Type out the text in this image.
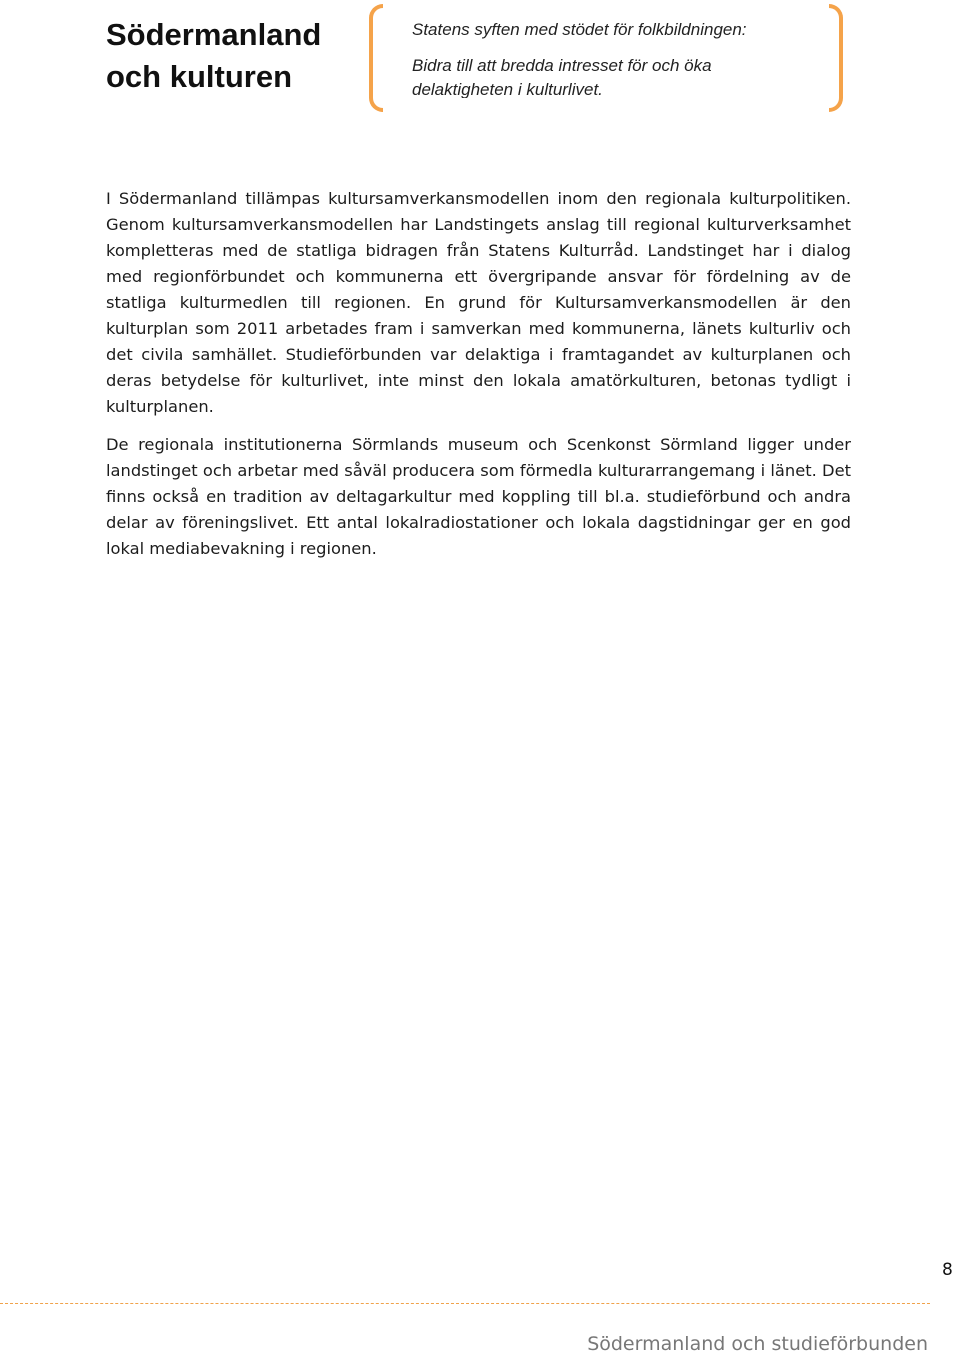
Södermanland
och kulturen
Statens syften med stödet för folkbildningen:
Bidra till att bredda intresset för och öka delaktigheten i kulturlivet.

I Södermanland tillämpas kultursamverkansmodellen inom den regionala kulturpolitiken. Genom kultursamverkansmodellen har Landstingets anslag till regional kulturverksamhet kompletteras med de statliga bidragen från Statens Kulturråd. Landstinget har i dialog med regionförbundet och kommunerna ett övergripande ansvar för fördelning av de statliga kulturmedlen till regionen. En grund för Kultursamverkansmodellen är den kulturplan som 2011 arbetades fram i samverkan med kommunerna, länets kulturliv och det civila samhället. Studieförbunden var delaktiga i framtagandet av kulturplanen och deras betydelse för kulturlivet, inte minst den lokala amatörkulturen, betonas tydligt i kulturplanen.

De regionala institutionerna Sörmlands museum och Scenkonst Sörmland ligger under landstinget och arbetar med såväl producera som förmedla kulturarrangemang i länet. Det finns också en tradition av deltagarkultur med koppling till bl.a. studieförbund och andra delar av föreningslivet. Ett antal lokalradiostationer och lokala dagstidningar ger en god lokal mediabevakning i regionen.

8
Södermanland och studieförbunden
